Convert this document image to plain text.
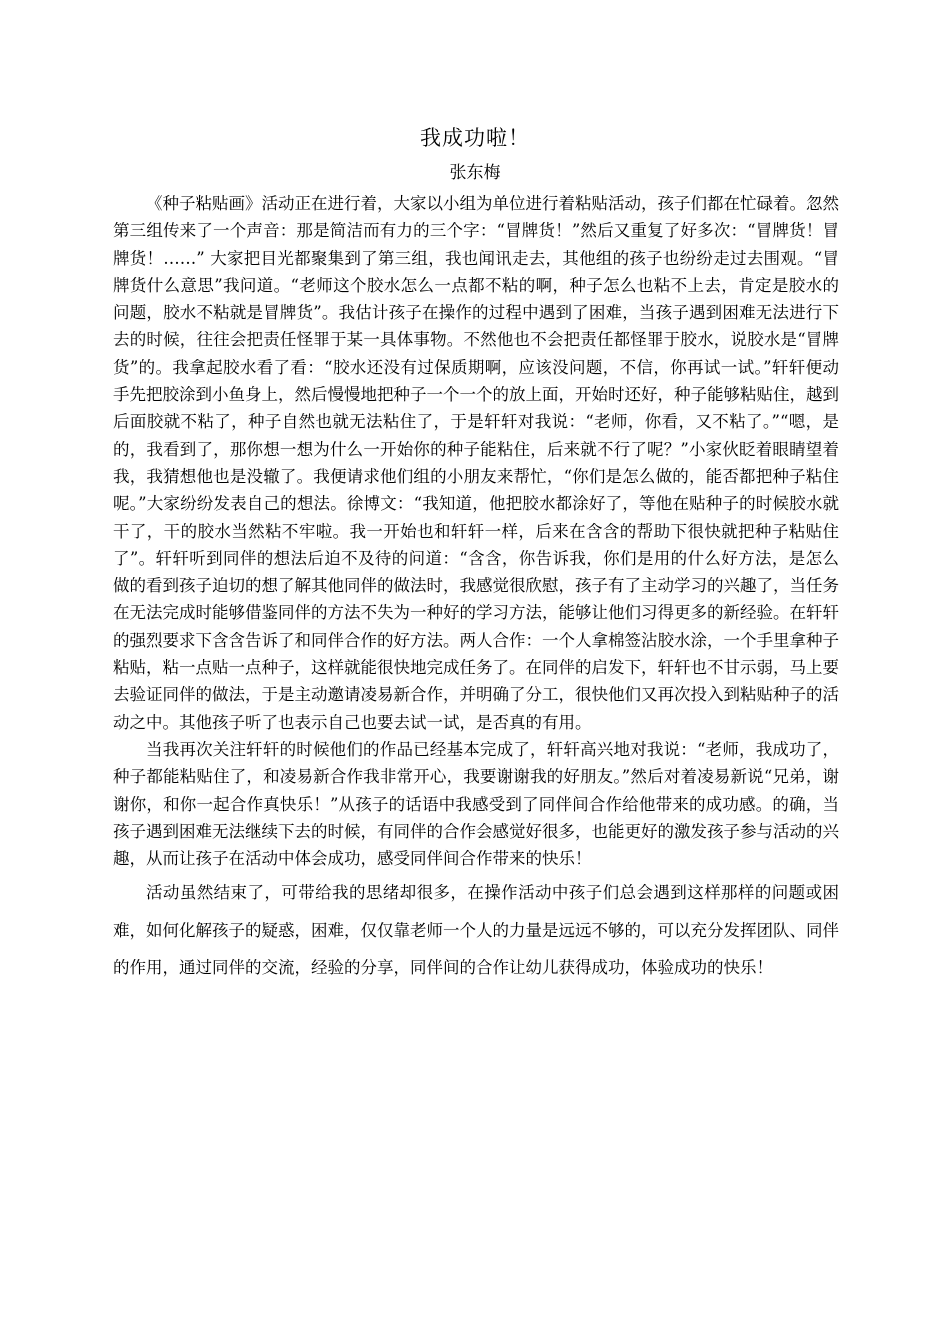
我成功啦！
张东梅

《种子粘贴画》活动正在进行着，大家以小组为单位进行着粘贴活动，孩子们都在忙碌着。忽然第三组传来了一个声音：那是简洁而有力的三个字：“冒牌货！”然后又重复了好多次：“冒牌货！冒牌货！……” 大家把目光都聚集到了第三组，我也闻讯走去，其他组的孩子也纷纷走过去围观。“冒牌货什么意思”我问道。“老师这个胶水怎么一点都不粘的啊，种子怎么也粘不上去，肯定是胶水的问题，胶水不粘就是冒牌货”。我估计孩子在操作的过程中遇到了困难，当孩子遇到困难无法进行下去的时候，往往会把责任怪罪于某一具体事物。不然他也不会把责任都怪罪于胶水，说胶水是“冒牌货”的。我拿起胶水看了看：“胶水还没有过保质期啊，应该没问题，不信，你再试一试。”轩轩便动手先把胶涂到小鱼身上，然后慢慢地把种子一个一个的放上面，开始时还好，种子能够粘贴住，越到后面胶就不粘了，种子自然也就无法粘住了，于是轩轩对我说：“老师，你看，又不粘了。”“嗯，是的，我看到了，那你想一想为什么一开始你的种子能粘住，后来就不行了呢？”小家伙眨着眼睛望着我，我猜想他也是没辙了。我便请求他们组的小朋友来帮忙，“你们是怎么做的，能否都把种子粘住呢。”大家纷纷发表自己的想法。徐博文：“我知道，他把胶水都涂好了，等他在贴种子的时候胶水就干了，干的胶水当然粘不牢啦。我一开始也和轩轩一样，后来在含含的帮助下很快就把种子粘贴住了”。轩轩听到同伴的想法后迫不及待的问道：“含含，你告诉我，你们是用的什么好方法，是怎么做的看到孩子迫切的想了解其他同伴的做法时，我感觉很欣慰，孩子有了主动学习的兴趣了，当任务在无法完成时能够借鉴同伴的方法不失为一种好的学习方法，能够让他们习得更多的新经验。在轩轩的强烈要求下含含告诉了和同伴合作的好方法。两人合作：一个人拿棉签沾胶水涂，一个手里拿种子粘贴，粘一点贴一点种子，这样就能很快地完成任务了。在同伴的启发下，轩轩也不甘示弱，马上要去验证同伴的做法，于是主动邀请凌易新合作，并明确了分工，很快他们又再次投入到粘贴种子的活动之中。其他孩子听了也表示自己也要去试一试，是否真的有用。

当我再次关注轩轩的时候他们的作品已经基本完成了，轩轩高兴地对我说：“老师，我成功了，种子都能粘贴住了，和凌易新合作我非常开心，我要谢谢我的好朋友。”然后对着凌易新说“兄弟，谢谢你，和你一起合作真快乐！”从孩子的话语中我感受到了同伴间合作给他带来的成功感。的确，当孩子遇到困难无法继续下去的时候，有同伴的合作会感觉好很多，也能更好的激发孩子参与活动的兴趣，从而让孩子在活动中体会成功，感受同伴间合作带来的快乐！

活动虽然结束了，可带给我的思绪却很多，在操作活动中孩子们总会遇到这样那样的问题或困难，如何化解孩子的疑惑，困难，仅仅靠老师一个人的力量是远远不够的，可以充分发挥团队、同伴的作用，通过同伴的交流，经验的分享，同伴间的合作让幼儿获得成功，体验成功的快乐！
